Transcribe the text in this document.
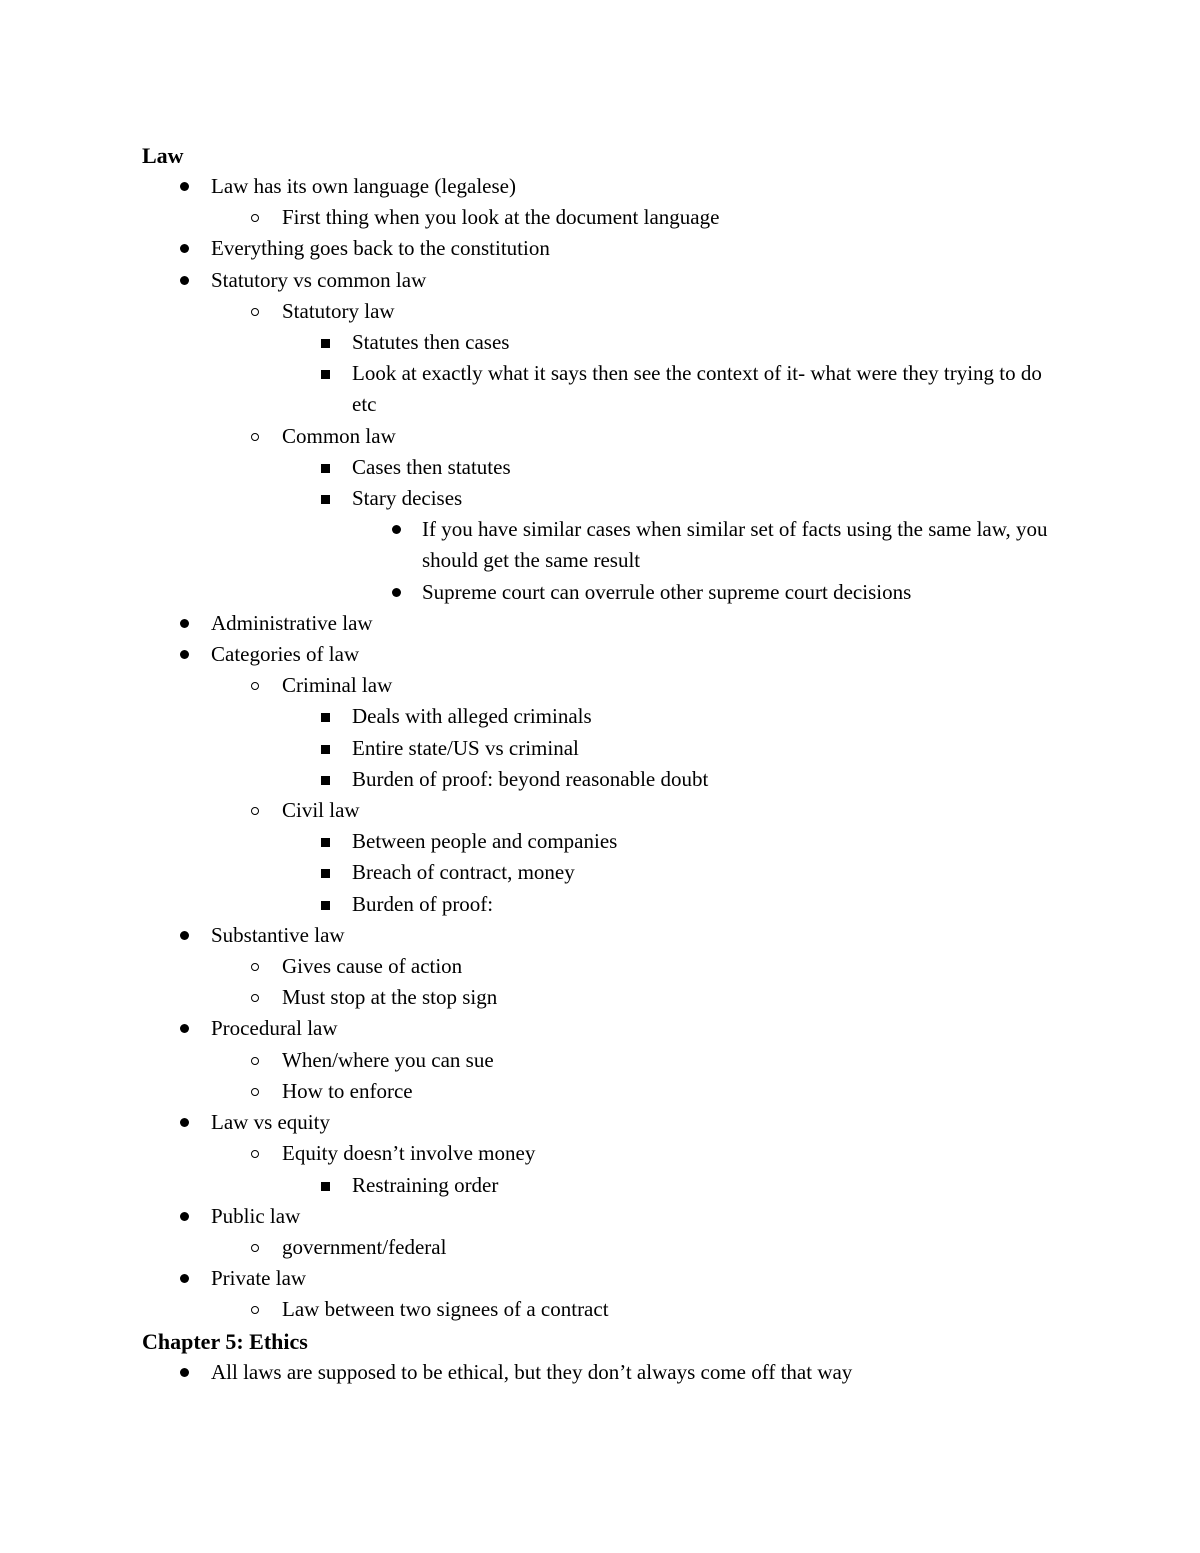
Law
Law has its own language (legalese)
First thing when you look at the document language
Everything goes back to the constitution
Statutory vs common law
Statutory law
Statutes then cases
Look at exactly what it says then see the context of it- what were they trying to do etc
Common law
Cases then statutes
Stary decises
If you have similar cases when similar set of facts using the same law, you should get the same result
Supreme court can overrule other supreme court decisions
Administrative law
Categories of law
Criminal law
Deals with alleged criminals
Entire state/US vs criminal
Burden of proof: beyond reasonable doubt
Civil law
Between people and companies
Breach of contract, money
Burden of proof:
Substantive law
Gives cause of action
Must stop at the stop sign
Procedural law
When/where you can sue
How to enforce
Law vs equity
Equity doesn’t involve money
Restraining order
Public law
government/federal
Private law
Law between two signees of a contract
Chapter 5: Ethics
All laws are supposed to be ethical, but they don’t always come off that way
